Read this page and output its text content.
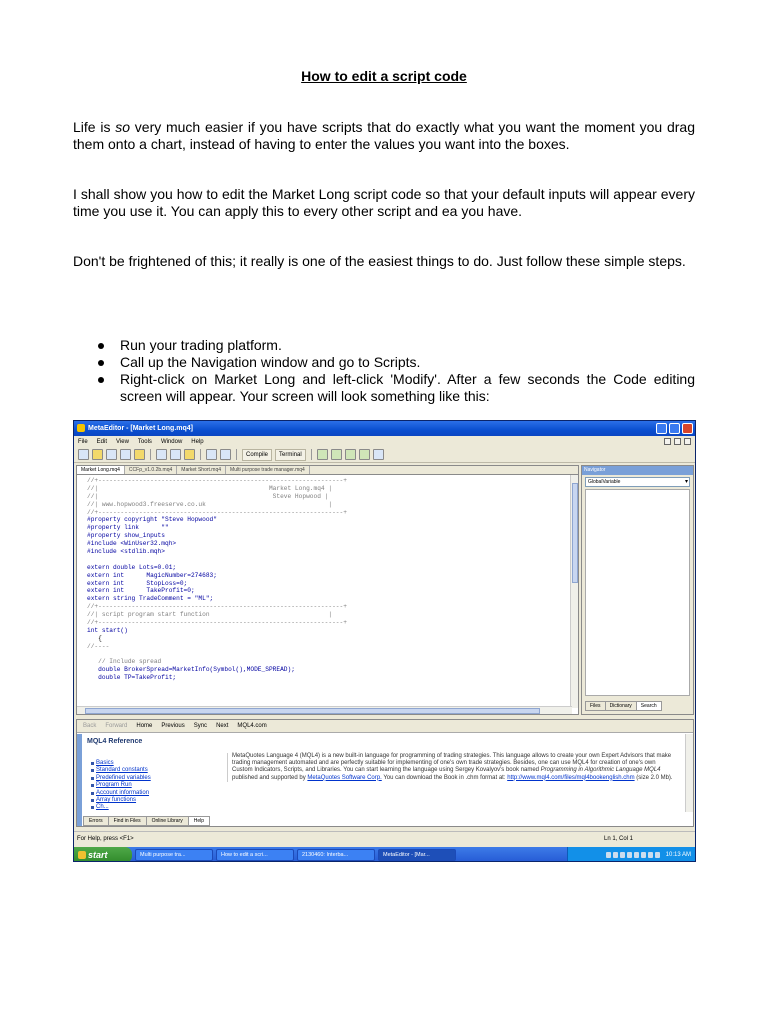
How to edit a script code

Life is so very much easier if you have scripts that do exactly what you want the moment you drag them onto a chart, instead of having to enter the values you want into the boxes.

I shall show you how to edit the Market Long script code so that your default inputs will appear every time you use it. You can apply this to every other script and ea you have.

Don't be frightened of this; it really is one of the easiest things to do. Just follow these simple steps.

Run your trading platform.
Call up the Navigation window and go to Scripts.
Right-click on Market Long and left-click 'Modify'. After a few seconds the Code editing screen will appear. Your screen will look something like this:
MetaEditor - [Market Long.mq4]
File Edit View Tools Window Help
Compile	Terminal
Market Long.mq4	CCFp_v1.0.2b.mq4	Market Short.mq4	Multi purpose trade manager.mq4
//+------------------------------------------------------------------+
//|                                              Market Long.mq4 |
//|                                               Steve Hopwood |
//| www.hopwood3.freeserve.co.uk                                 |
//+------------------------------------------------------------------+
#property copyright "Steve Hopwood"
#property link      ""
#property show_inputs
#include <WinUser32.mqh>
#include <stdlib.mqh>
extern double Lots=0.01;
extern int      MagicNumber=274683;
extern int      StopLoss=0;
extern int      TakeProfit=0;
extern string TradeComment = "ML";
//+------------------------------------------------------------------+
//| script program start function                                |
//+------------------------------------------------------------------+
int start()
{
//----
// Include spread
double BrokerSpread=MarketInfo(Symbol(),MODE_SPREAD);
double TP=TakeProfit;
Navigator
GlobalVariable ▾
Files	Dictionary	Search
Back Forward Home Previous Sync Next MQL4.com
MQL4 Reference
Basics
Standard constants
Predefined variables
Program Run
Account information
Array functions
Ch...
MetaQuotes Language 4 (MQL4) is a new built-in language for programming of trading strategies. This language allows to create your own Expert Advisors that make trading management automated and are perfectly suitable for implementing of one's own trade strategies. Besides, one can use MQL4 for creation of one's own Custom Indicators, Scripts, and Libraries. You can start learning the language using Sergey Kovalyov's book named Programming in Algorithmic Language MQL4 published and supported by MetaQuotes Software Corp. You can download the Book in .chm format at: http://www.mql4.com/files/mql4bookenglish.chm (size 2.0 Mb).
Errors	Find in Files	Online Library	Help
For Help, press <F1>	Ln 1, Col 1
start	Multi purpose tra...	How to edit a scri...	2130460: Interba...	MetaEditor - [Mar...	10:13 AM
